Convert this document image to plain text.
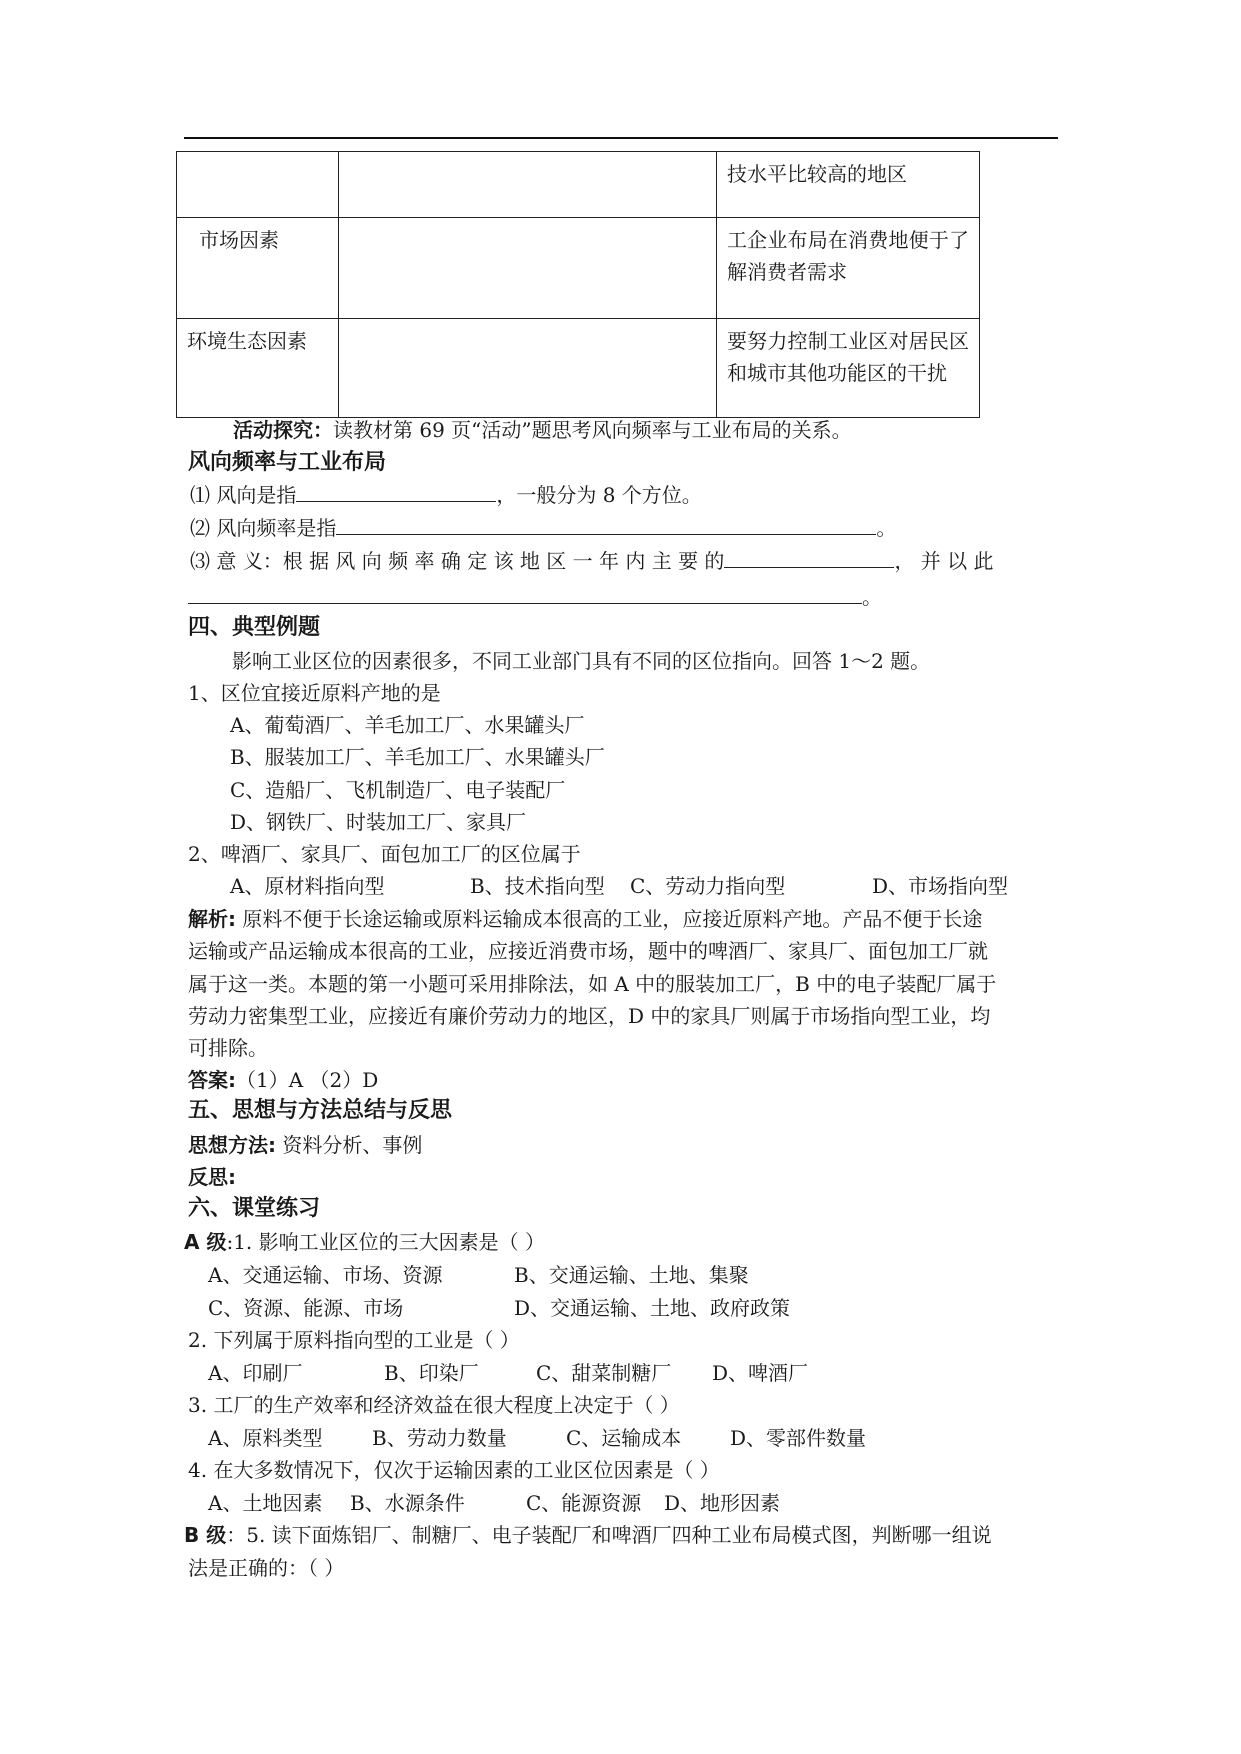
		技水平比较高的地区

市场因素		工企业布局在消费地便于了解消费者需求

环境生态因素		要努力控制工业区对居民区和城市其他功能区的干扰
活动探究：读教材第 69 页“活动”题思考风向频率与工业布局的关系。
风向频率与工业布局
⑴ 风向是指	，一般分为 8 个方位。
⑵ 风向频率是指	。
⑶ 意 义：根 据 风 向 频 率 确 定 该 地 区 一 年 内 主 要 的	， 并 以 此
。
四、典型例题
影响工业区位的因素很多，不同工业部门具有不同的区位指向。回答 1～2 题。
1、区位宜接近原料产地的是
A、葡萄酒厂、羊毛加工厂、水果罐头厂
B、服装加工厂、羊毛加工厂、水果罐头厂
C、造船厂、飞机制造厂、电子装配厂
D、钢铁厂、时装加工厂、家具厂
2、啤酒厂、家具厂、面包加工厂的区位属于
A、原材料指向型	B、技术指向型 C、劳动力指向型	D、市场指向型
解析: 原料不便于长途运输或原料运输成本很高的工业，应接近原料产地。产品不便于长途
运输或产品运输成本很高的工业，应接近消费市场，题中的啤酒厂、家具厂、面包加工厂就
属于这一类。本题的第一小题可采用排除法，如 A 中的服装加工厂，B 中的电子装配厂属于
劳动力密集型工业，应接近有廉价劳动力的地区，D 中的家具厂则属于市场指向型工业，均
可排除。
答案:（1）A （2）D
五、思想与方法总结与反思
思想方法: 资料分析、事例
反思:
六、课堂练习
A 级:1. 影响工业区位的三大因素是（ ）
A、交通运输、市场、资源	B、交通运输、土地、集聚
C、资源、能源、市场	D、交通运输、土地、政府政策
2. 下列属于原料指向型的工业是（ ）
A、印刷厂	B、印染厂	C、甜菜制糖厂 D、啤酒厂
3. 工厂的生产效率和经济效益在很大程度上决定于（ ）
A、原料类型 B、劳动力数量	C、运输成本 D、零部件数量
4. 在大多数情况下，仅次于运输因素的工业区位因素是（ ）
A、土地因素 B、水源条件	C、能源资源 D、地形因素
B 级：5. 读下面炼铝厂、制糖厂、电子装配厂和啤酒厂四种工业布局模式图，判断哪一组说
法是正确的：（ ）
